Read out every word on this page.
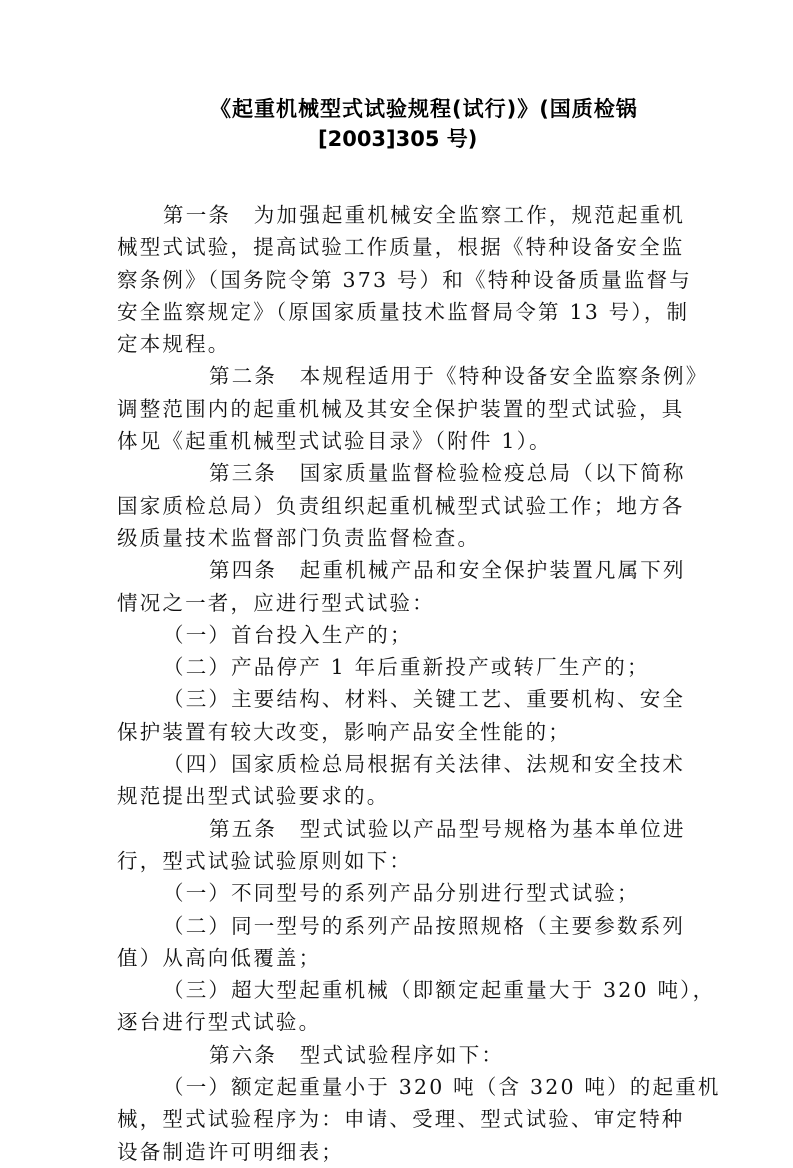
《起重机械型式试验规程(试行)》(国质检锅
[2003]305 号)
第一条　为加强起重机械安全监察工作，规范起重机
械型式试验，提高试验工作质量，根据《特种设备安全监
察条例》（国务院令第 373 号）和《特种设备质量监督与
安全监察规定》（原国家质量技术监督局令第 13 号），制
定本规程。
第二条　本规程适用于《特种设备安全监察条例》
调整范围内的起重机械及其安全保护装置的型式试验，具
体见《起重机械型式试验目录》（附件 1）。
第三条　国家质量监督检验检疫总局（以下简称
国家质检总局）负责组织起重机械型式试验工作；地方各
级质量技术监督部门负责监督检查。
第四条　起重机械产品和安全保护装置凡属下列
情况之一者，应进行型式试验：
（一）首台投入生产的；
（二）产品停产 1 年后重新投产或转厂生产的；
（三）主要结构、材料、关键工艺、重要机构、安全
保护装置有较大改变，影响产品安全性能的；
（四）国家质检总局根据有关法律、法规和安全技术
规范提出型式试验要求的。
第五条　型式试验以产品型号规格为基本单位进
行，型式试验试验原则如下：
（一）不同型号的系列产品分别进行型式试验；
（二）同一型号的系列产品按照规格（主要参数系列
值）从高向低覆盖；
（三）超大型起重机械（即额定起重量大于 320 吨），
逐台进行型式试验。
第六条　型式试验程序如下：
（一）额定起重量小于 320 吨（含 320 吨）的起重机
械，型式试验程序为：申请、受理、型式试验、审定特种
设备制造许可明细表；
